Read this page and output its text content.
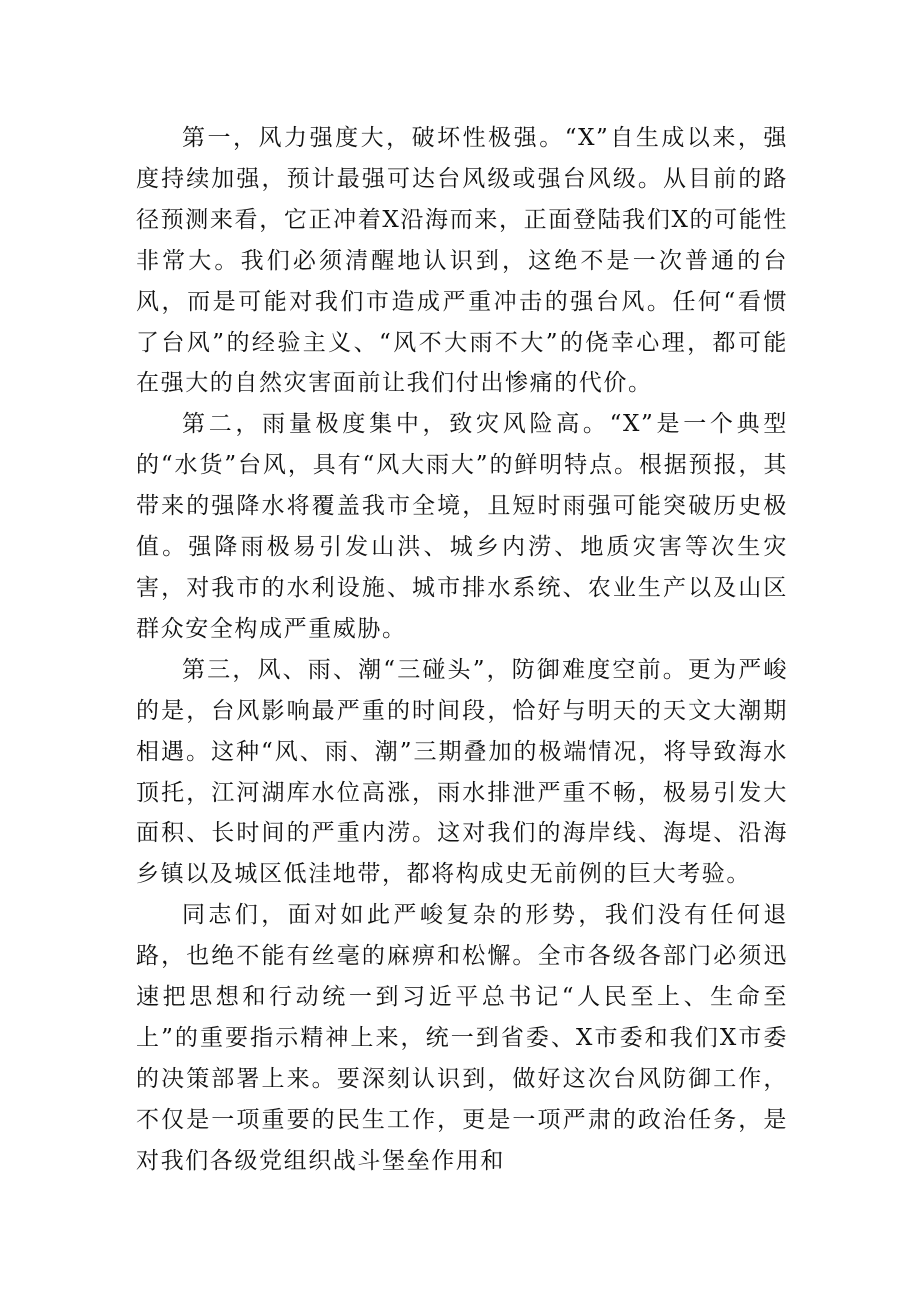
第一，风力强度大，破坏性极强。“X”自生成以来，强度持续加强，预计最强可达台风级或强台风级。从目前的路径预测来看，它正冲着X沿海而来，正面登陆我们X的可能性非常大。我们必须清醒地认识到，这绝不是一次普通的台风，而是可能对我们市造成严重冲击的强台风。任何“看惯了台风”的经验主义、“风不大雨不大”的侥幸心理，都可能在强大的自然灾害面前让我们付出惨痛的代价。

第二，雨量极度集中，致灾风险高。“X”是一个典型的“水货”台风，具有“风大雨大”的鲜明特点。根据预报，其带来的强降水将覆盖我市全境，且短时雨强可能突破历史极值。强降雨极易引发山洪、城乡内涝、地质灾害等次生灾害，对我市的水利设施、城市排水系统、农业生产以及山区群众安全构成严重威胁。

第三，风、雨、潮“三碰头”，防御难度空前。更为严峻的是，台风影响最严重的时间段，恰好与明天的天文大潮期相遇。这种“风、雨、潮”三期叠加的极端情况，将导致海水顶托，江河湖库水位高涨，雨水排泄严重不畅，极易引发大面积、长时间的严重内涝。这对我们的海岸线、海堤、沿海乡镇以及城区低洼地带，都将构成史无前例的巨大考验。

同志们，面对如此严峻复杂的形势，我们没有任何退路，也绝不能有丝毫的麻痹和松懈。全市各级各部门必须迅速把思想和行动统一到习近平总书记“人民至上、生命至上”的重要指示精神上来，统一到省委、X市委和我们X市委的决策部署上来。要深刻认识到，做好这次台风防御工作，不仅是一项重要的民生工作，更是一项严肃的政治任务，是对我们各级党组织战斗堡垒作用和
